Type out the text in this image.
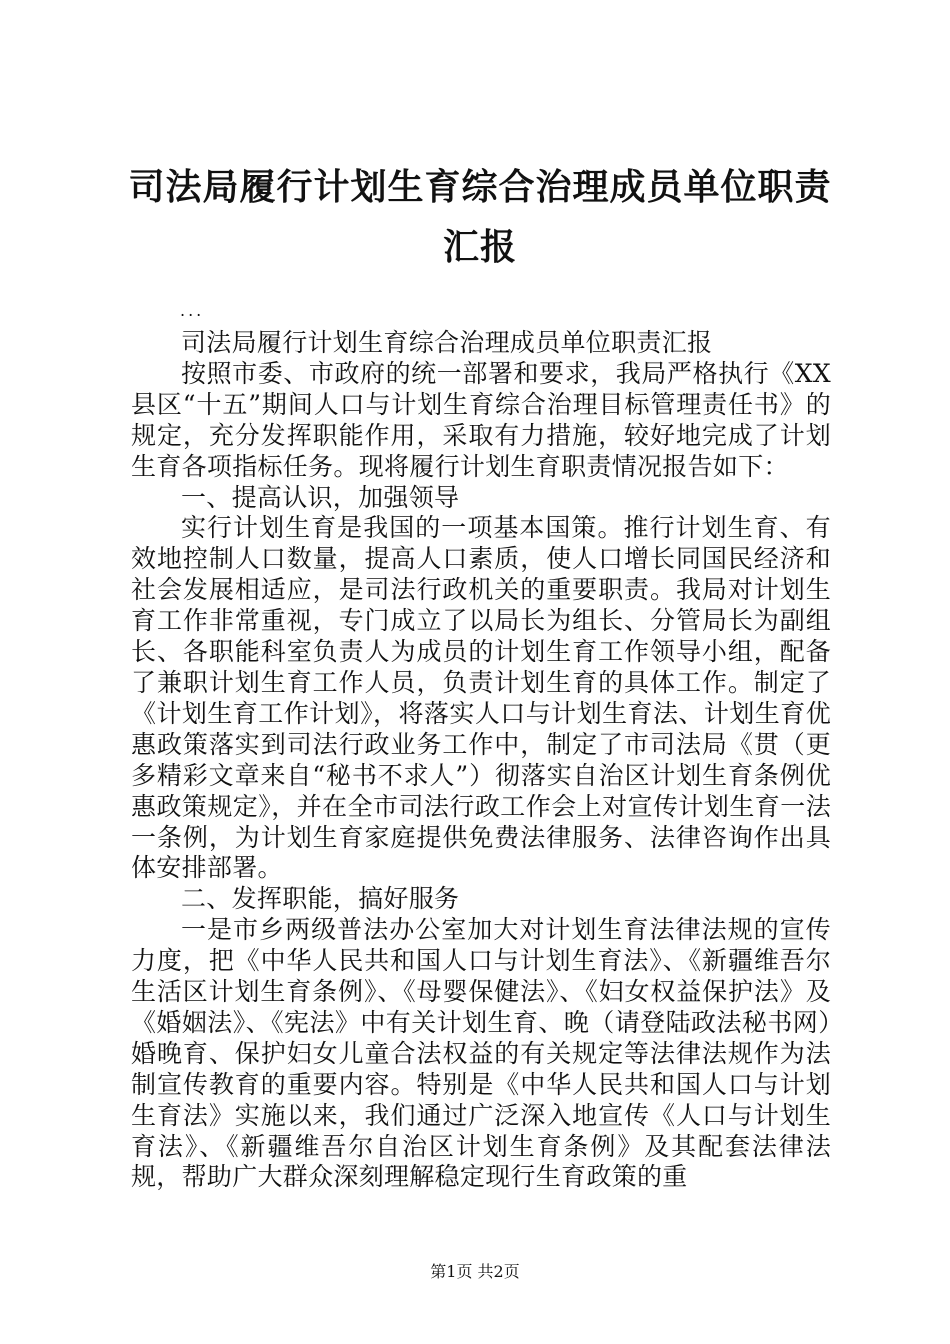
司法局履行计划生育综合治理成员单位职责汇报
...

司法局履行计划生育综合治理成员单位职责汇报

按照市委、市政府的统一部署和要求，我局严格执行《XX县区“十五”期间人口与计划生育综合治理目标管理责任书》的规定，充分发挥职能作用，采取有力措施，较好地完成了计划生育各项指标任务。现将履行计划生育职责情况报告如下：

一、提高认识，加强领导

实行计划生育是我国的一项基本国策。推行计划生育、有效地控制人口数量，提高人口素质，使人口增长同国民经济和社会发展相适应，是司法行政机关的重要职责。我局对计划生育工作非常重视，专门成立了以局长为组长、分管局长为副组长、各职能科室负责人为成员的计划生育工作领导小组，配备了兼职计划生育工作人员，负责计划生育的具体工作。制定了《计划生育工作计划》，将落实人口与计划生育法、计划生育优惠政策落实到司法行政业务工作中，制定了市司法局《贯（更多精彩文章来自“秘书不求人”）彻落实自治区计划生育条例优惠政策规定》，并在全市司法行政工作会上对宣传计划生育一法一条例，为计划生育家庭提供免费法律服务、法律咨询作出具体安排部署。

二、发挥职能，搞好服务

一是市乡两级普法办公室加大对计划生育法律法规的宣传力度，把《中华人民共和国人口与计划生育法》、《新疆维吾尔生活区计划生育条例》、《母婴保健法》、《妇女权益保护法》及《婚姻法》、《宪法》中有关计划生育、晚（请登陆政法秘书网）婚晚育、保护妇女儿童合法权益的有关规定等法律法规作为法制宣传教育的重要内容。特别是《中华人民共和国人口与计划生育法》实施以来，我们通过广泛深入地宣传《人口与计划生育法》、《新疆维吾尔自治区计划生育条例》及其配套法律法规，帮助广大群众深刻理解稳定现行生育政策的重

第1页 共2页
